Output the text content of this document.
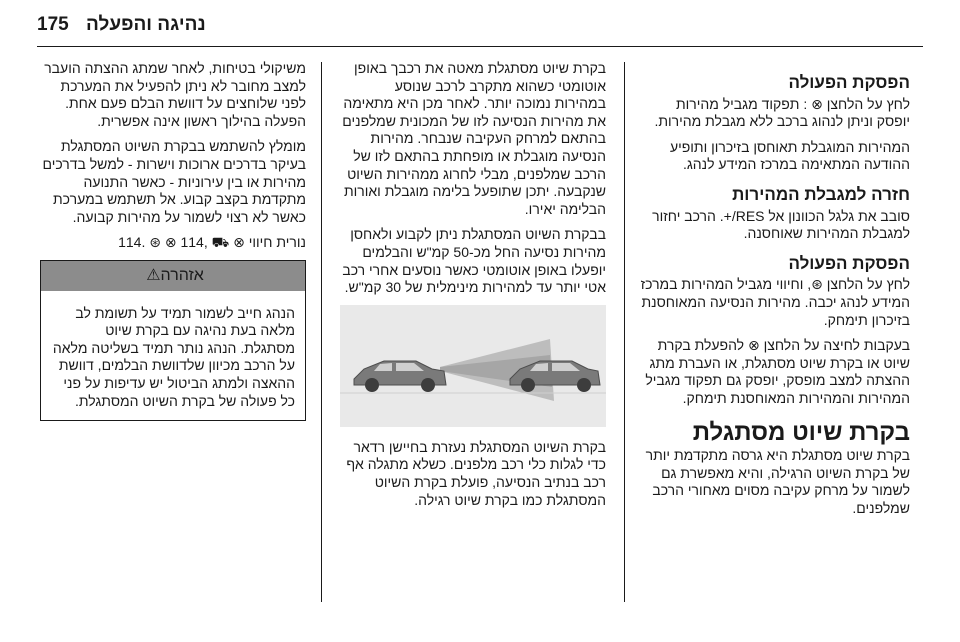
175 נהיגה והפעלה
הפסקת הפעולה

לחץ על הלחצן ⊗ : תפקוד מגביל מהירות יופסק וניתן לנהוג ברכב ללא מגבלת מהירות.

המהירות המוגבלת תאוחסן בזיכרון ותופיע ההודעה המתאימה במרכז המידע לנהג.

חזרה למגבלת המהירות

סובב את גלגל הכוונון אל RES/+. הרכב יחזור למגבלת המהירות שאוחסנה.

הפסקת הפעולה

לחץ על הלחצן ⊛, וחיווי מגביל המהירות במרכז המידע לנהג יכבה. מהירות הנסיעה המאוחסנת בזיכרון תימחק.

בעקבות לחיצה על הלחצן ⊗ להפעלת בקרת שיוט או בקרת שיוט מסתגלת, או העברת מתג ההצתה למצב מופסק, יופסק גם תפקוד מגביל המהירות והמהירות המאוחסנת תימחק.

בקרת שיוט מסתגלת

בקרת שיוט מסתגלת היא גרסה מתקדמת יותר של בקרת השיוט הרגילה, והיא מאפשרת גם לשמור על מרחק עקיבה מסוים מאחורי הרכב שמלפנים.

בקרת שיוט מסתגלת מאטה את רכבך באופן אוטומטי כשהוא מתקרב לרכב שנוסע במהירות נמוכה יותר. לאחר מכן היא מתאימה את מהירות הנסיעה לזו של המכונית שמלפנים בהתאם למרחק העקיבה שנבחר. מהירות הנסיעה מוגבלת או מופחתת בהתאם לזו של הרכב שמלפנים, מבלי לחרוג ממהירות השיוט שנקבעה. יתכן שתופעל בלימה מוגבלת ואורות הבלימה יאירו.

בבקרת השיוט המסתגלת ניתן לקבוע ולאחסן מהירות נסיעה החל מכ-50 קמ"ש והבלמים יופעלו באופן אוטומטי כאשר נוסעים אחרי רכב אטי יותר עד למהירות מינימלית של 30 קמ"ש.

בקרת השיוט המסתגלת נעזרת בחיישן רדאר כדי לגלות כלי רכב מלפנים. כשלא מתגלה אף רכב בנתיב הנסיעה, פועלת בקרת השיוט המסתגלת כמו בקרת שיוט רגילה.

משיקולי בטיחות, לאחר שמתג ההצתה הועבר למצב מחובר לא ניתן להפעיל את המערכת לפני שלוחצים על דוושת הבלם פעם אחת. הפעלה בהילוך ראשון אינה אפשרית.

מומלץ להשתמש בבקרת השיוט המסתגלת בעיקר בדרכים ארוכות וישרות - למשל בדרכים מהירות או בין עירוניות - כאשר התנועה מתקדמת בקצב קבוע. אל תשתמש במערכת כאשר לא רצוי לשמור על מהירות קבועה.

נורית חיווי ⊗ ⛟ ,114 ⊗ ⊛ .114

אזהרה⚠
הנהג חייב לשמור תמיד על תשומת לב מלאה בעת נהיגה עם בקרת שיוט מסתגלת. הנהג נותר תמיד בשליטה מלאה על הרכב מכיוון שלדוושת הבלמים, דוושת ההאצה ולמתג הביטול יש עדיפות על פני כל פעולה של בקרת השיוט המסתגלת.
